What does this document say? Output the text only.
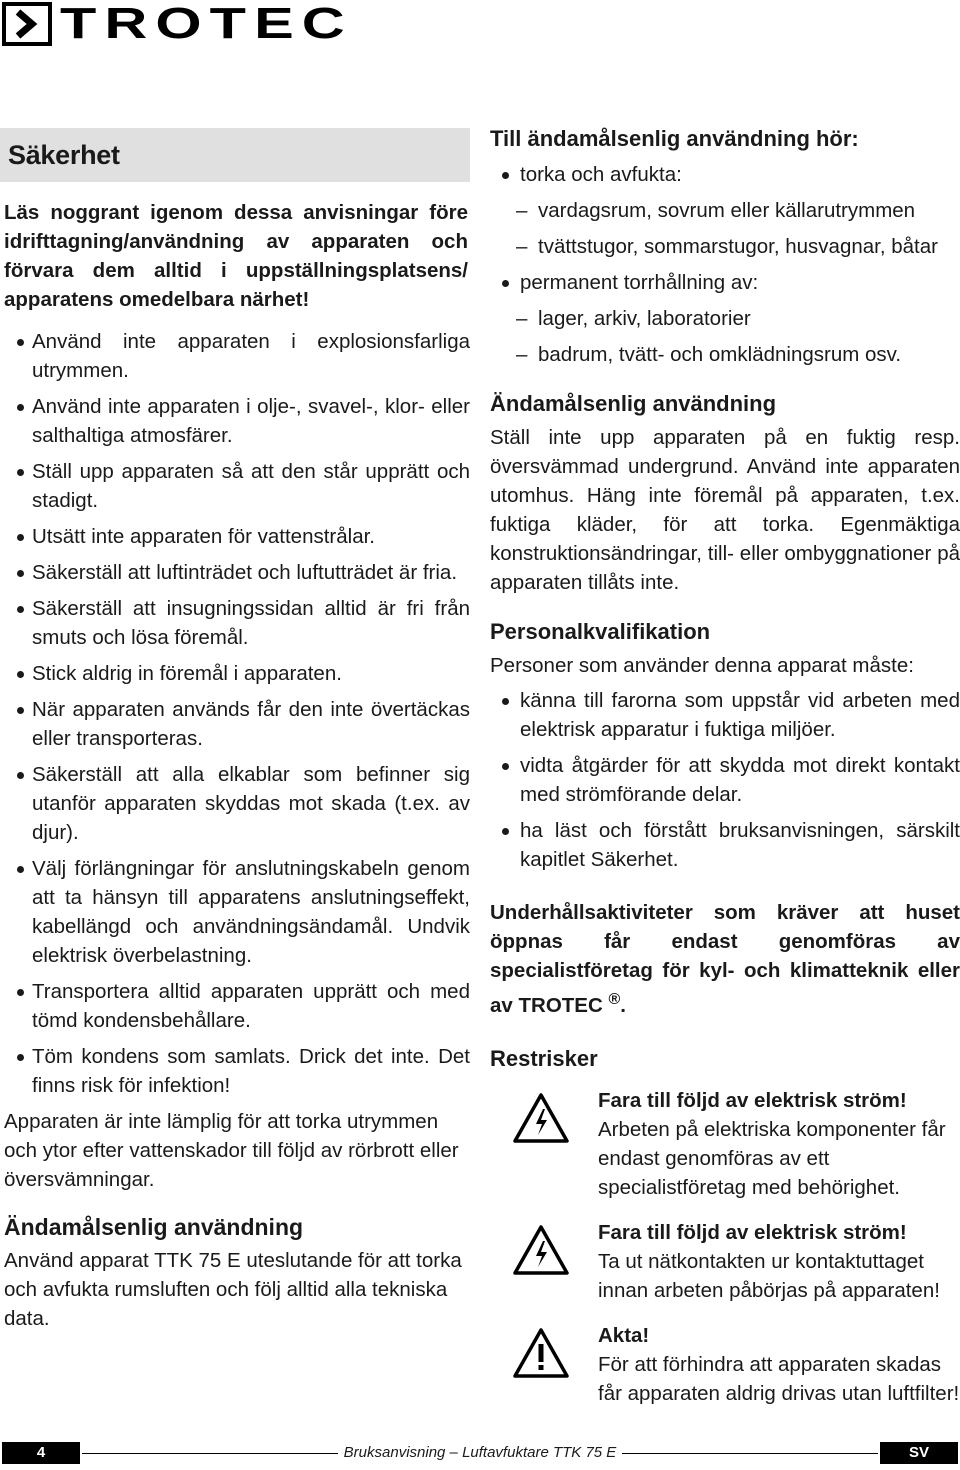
TROTEC
Säkerhet
Läs noggrant igenom dessa anvisningar före idrifttagning/användning av apparaten och förvara dem alltid i uppställningsplatsens/ apparatens omedelbara närhet!
Använd inte apparaten i explosionsfarliga utrymmen.
Använd inte apparaten i olje-, svavel-, klor- eller salthaltiga atmosfärer.
Ställ upp apparaten så att den står upprätt och stadigt.
Utsätt inte apparaten för vattenstrålar.
Säkerställ att luftinträdet och luftutträdet är fria.
Säkerställ att insugningssidan alltid är fri från smuts och lösa föremål.
Stick aldrig in föremål i apparaten.
När apparaten används får den inte övertäckas eller transporteras.
Säkerställ att alla elkablar som befinner sig utanför apparaten skyddas mot skada (t.ex. av djur).
Välj förlängningar för anslutningskabeln genom att ta hänsyn till apparatens anslutningseffekt, kabellängd och användningsändamål. Undvik elektrisk överbelastning.
Transportera alltid apparaten upprätt och med tömd kondensbehållare.
Töm kondens som samlats. Drick det inte. Det finns risk för infektion!
Apparaten är inte lämplig för att torka utrymmen och ytor efter vattenskador till följd av rörbrott eller översvämningar.
Ändamålsenlig användning
Använd apparat TTK 75 E uteslutande för att torka och avfukta rumsluften och följ alltid alla tekniska data.
Till ändamålsenlig användning hör:
torka och avfukta:
– vardagsrum, sovrum eller källarutrymmen
– tvättstugor, sommarstugor, husvagnar, båtar
permanent torrhållning av:
– lager, arkiv, laboratorier
– badrum, tvätt- och omklädningsrum osv.
Ändamålsenlig användning
Ställ inte upp apparaten på en fuktig resp. översvämmad undergrund. Använd inte apparaten utomhus. Häng inte föremål på apparaten, t.ex. fuktiga kläder, för att torka. Egenmäktiga konstruktionsändringar, till- eller ombyggnationer på apparaten tillåts inte.
Personalkvalifikation
Personer som använder denna apparat måste:
känna till farorna som uppstår vid arbeten med elektrisk apparatur i fuktiga miljöer.
vidta åtgärder för att skydda mot direkt kontakt med strömförande delar.
ha läst och förstått bruksanvisningen, särskilt kapitlet Säkerhet.
Underhållsaktiviteter som kräver att huset öppnas får endast genomföras av specialistföretag för kyl- och klimatteknik eller av TROTEC ®.
Restrisker
Fara till följd av elektrisk ström!
Arbeten på elektriska komponenter får endast genomföras av ett specialistföretag med behörighet.
Fara till följd av elektrisk ström!
Ta ut nätkontakten ur kontaktuttaget innan arbeten påbörjas på apparaten!
Akta!
För att förhindra att apparaten skadas får apparaten aldrig drivas utan luftfilter!
4	Bruksanvisning – Luftavfuktare TTK 75 E	SV
